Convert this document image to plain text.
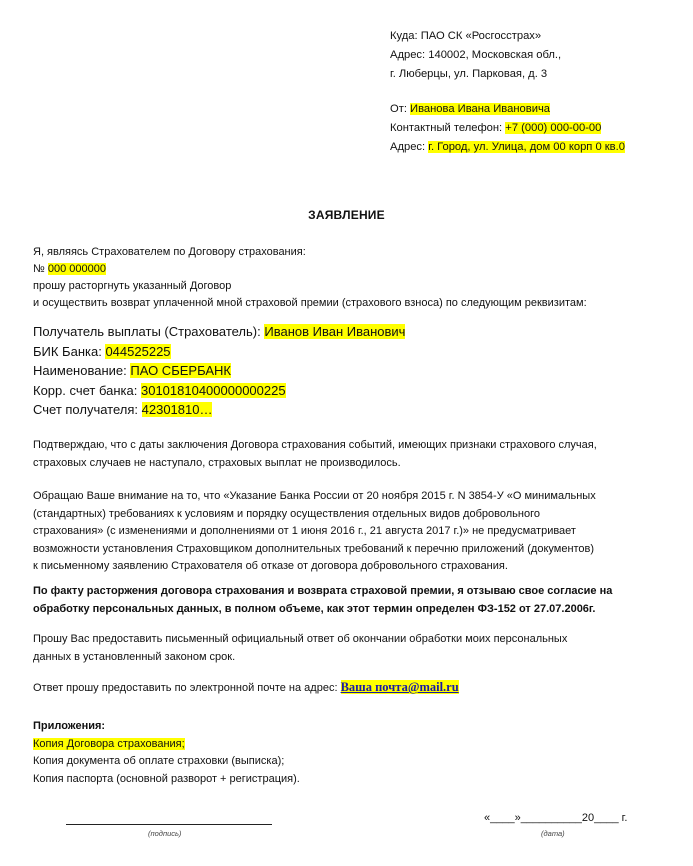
Куда: ПАО СК «Росгосстрах»
Адрес: 140002, Московская обл.,
г. Люберцы, ул. Парковая, д. 3
От: Иванова Ивана Ивановича
Контактный телефон: +7 (000) 000-00-00
Адрес: г. Город, ул. Улица, дом 00 корп 0 кв.0
ЗАЯВЛЕНИЕ
Я, являясь Страхователем по Договору страхования:
№ 000 000000
прошу расторгнуть указанный Договор
и осуществить возврат уплаченной мной страховой премии (страхового взноса) по следующим реквизитам:
Получатель выплаты (Страхователь): Иванов Иван Иванович
БИК Банка: 044525225
Наименование: ПАО СБЕРБАНК
Корр. счет банка: 30101810400000000225
Счет получателя: 42301810…
Подтверждаю, что с даты заключения Договора страхования событий, имеющих признаки страхового случая,
страховых случаев не наступало, страховых выплат не производилось.
Обращаю Ваше внимание на то, что «Указание Банка России от 20 ноября 2015 г. N 3854-У «О минимальных
(стандартных) требованиях к условиям и порядку осуществления отдельных видов добровольного
страхования» (с изменениями и дополнениями от 1 июня 2016 г., 21 августа 2017 г.)» не предусматривает
возможности установления Страховщиком дополнительных требований к перечню приложений (документов)
к письменному заявлению Страхователя об отказе от договора добровольного страхования.
По факту расторжения договора страхования и возврата страховой премии, я отзываю свое согласие на
обработку персональных данных, в полном объеме, как этот термин определен ФЗ-152 от 27.07.2006г.
Прошу Вас предоставить письменный официальный ответ об окончании обработки моих персональных
данных в установленный законом срок.
Ответ прошу предоставить по электронной почте на адрес: Ваша почта@mail.ru
Приложения:
Копия Договора страхования;
Копия документа об оплате страховки (выписка);
Копия паспорта (основной разворот + регистрация).
(подпись)
«____»__________20____ г.
(дата)
